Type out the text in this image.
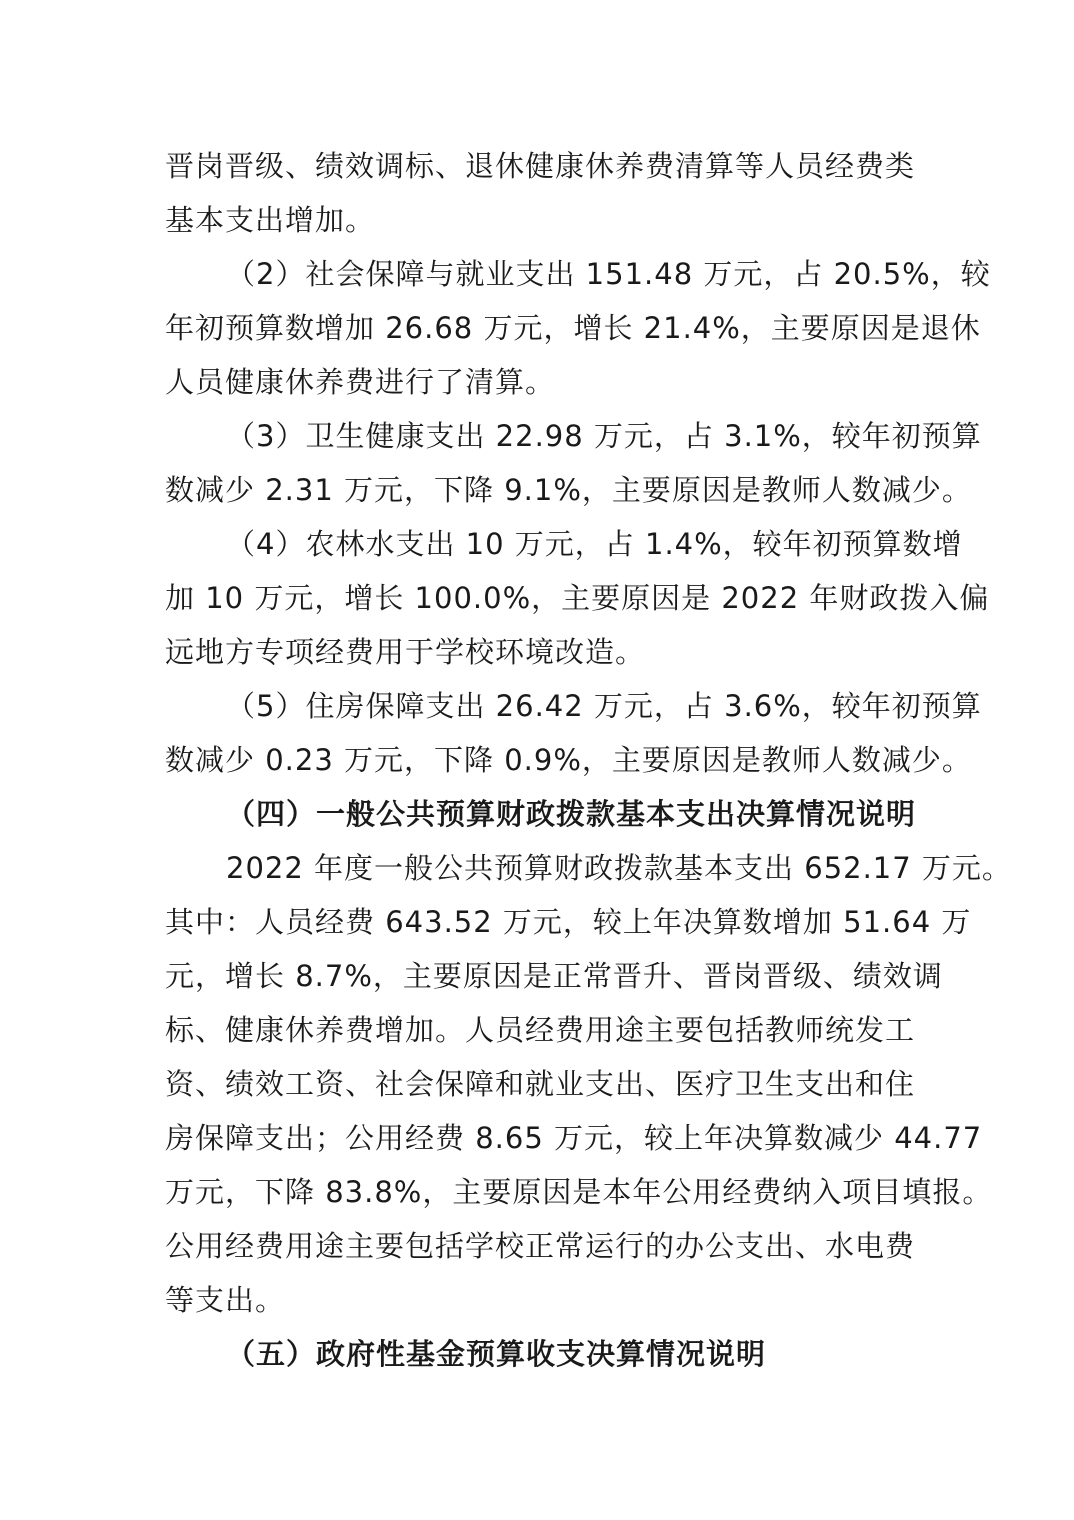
晋岗晋级、绩效调标、退休健康休养费清算等人员经费类
基本支出增加。
（2）社会保障与就业支出 151.48 万元，占 20.5%，较
年初预算数增加 26.68 万元，增长 21.4%，主要原因是退休
人员健康休养费进行了清算。
（3）卫生健康支出 22.98 万元，占 3.1%，较年初预算
数减少 2.31 万元，下降 9.1%，主要原因是教师人数减少。
（4）农林水支出 10 万元，占 1.4%，较年初预算数增
加 10 万元，增长 100.0%，主要原因是 2022 年财政拨入偏
远地方专项经费用于学校环境改造。
（5）住房保障支出 26.42 万元，占 3.6%，较年初预算
数减少 0.23 万元，下降 0.9%，主要原因是教师人数减少。
（四）一般公共预算财政拨款基本支出决算情况说明
2022 年度一般公共预算财政拨款基本支出 652.17 万元。
其中：人员经费 643.52 万元，较上年决算数增加 51.64 万
元，增长 8.7%，主要原因是正常晋升、晋岗晋级、绩效调
标、健康休养费增加。人员经费用途主要包括教师统发工
资、绩效工资、社会保障和就业支出、医疗卫生支出和住
房保障支出；公用经费 8.65 万元，较上年决算数减少 44.77
万元，下降 83.8%，主要原因是本年公用经费纳入项目填报。
公用经费用途主要包括学校正常运行的办公支出、水电费
等支出。
（五）政府性基金预算收支决算情况说明
